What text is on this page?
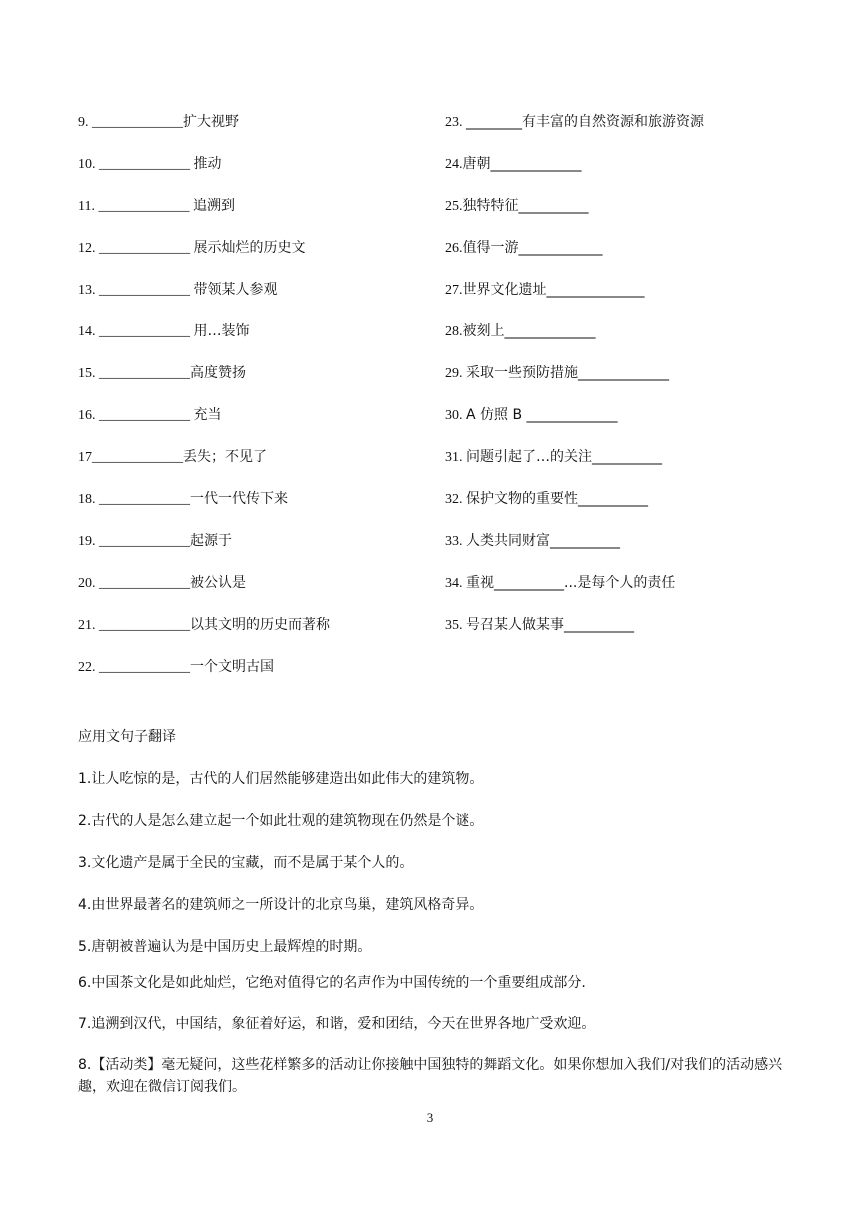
9. _____________扩大视野
10. _____________ 推动
11. _____________ 追溯到
12. _____________ 展示灿烂的历史文
13. _____________ 带领某人参观
14. _____________ 用…装饰
15. _____________高度赞扬
16. _____________ 充当
17_____________丢失；不见了
18. _____________一代一代传下来
19. _____________起源于
20. _____________被公认是
21. _____________以其文明的历史而著称
22. _____________一个文明古国
23. ________有丰富的自然资源和旅游资源
24.唐朝_____________
25.独特特征__________
26.值得一游____________
27.世界文化遗址______________
28.被刻上_____________
29. 采取一些预防措施_____________
30. A 仿照 B _____________
31. 问题引起了…的关注__________
32. 保护文物的重要性__________
33. 人类共同财富__________
34. 重视__________...是每个人的责任
35. 号召某人做某事__________
应用文句子翻译
1.让人吃惊的是，古代的人们居然能够建造出如此伟大的建筑物。
2.古代的人是怎么建立起一个如此壮观的建筑物现在仍然是个谜。
3.文化遗产是属于全民的宝藏，而不是属于某个人的。
4.由世界最著名的建筑师之一所设计的北京鸟巢，建筑风格奇异。
5.唐朝被普遍认为是中国历史上最辉煌的时期。
6.中国茶文化是如此灿烂，它绝对值得它的名声作为中国传统的一个重要组成部分.
7.追溯到汉代，中国结，象征着好运，和谐，爱和团结，今天在世界各地广受欢迎。
8.【活动类】毫无疑问，这些花样繁多的活动让你接触中国独特的舞蹈文化。如果你想加入我们/对我们的活动感兴趣，欢迎在微信订阅我们。
3
